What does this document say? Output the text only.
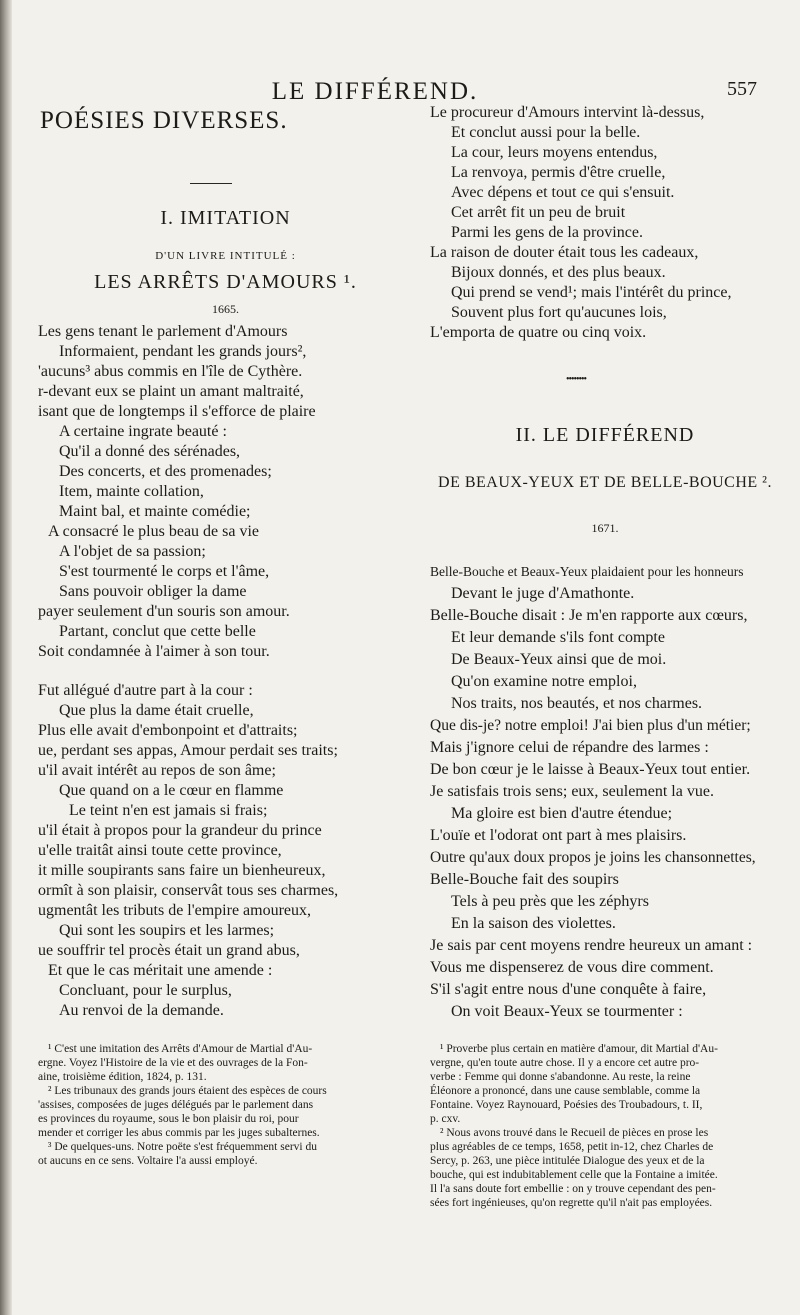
LE DIFFÉREND.	557
POÉSIES DIVERSES.
I. IMITATION
D'UN LIVRE INTITULÉ :
LES ARRÊTS D'AMOURS ¹.
1665.
Les gens tenant le parlement d'Amours
Informaient, pendant les grands jours²,
'aucuns³ abus commis en l'île de Cythère.
r-devant eux se plaint un amant maltraité,
isant que de longtemps il s'efforce de plaire
A certaine ingrate beauté :
Qu'il a donné des sérénades,
Des concerts, et des promenades;
Item, mainte collation,
Maint bal, et mainte comédie;
A consacré le plus beau de sa vie
A l'objet de sa passion;
S'est tourmenté le corps et l'âme,
Sans pouvoir obliger la dame
payer seulement d'un souris son amour.
Partant, conclut que cette belle
Soit condamnée à l'aimer à son tour.
Fut allégué d'autre part à la cour :
Que plus la dame était cruelle,
Plus elle avait d'embonpoint et d'attraits;
ue, perdant ses appas, Amour perdait ses traits;
u'il avait intérêt au repos de son âme;
Que quand on a le cœur en flamme
Le teint n'en est jamais si frais;
u'il était à propos pour la grandeur du prince
u'elle traitât ainsi toute cette province,
it mille soupirants sans faire un bienheureux,
ormît à son plaisir, conservât tous ses charmes,
ugmentât les tributs de l'empire amoureux,
Qui sont les soupirs et les larmes;
ue souffrir tel procès était un grand abus,
Et que le cas méritait une amende :
Concluant, pour le surplus,
Au renvoi de la demande.
¹ C'est une imitation des Arrêts d'Amour de Martial d'Au-
ergne. Voyez l'Histoire de la vie et des ouvrages de la Fon-
aine, troisième édition, 1824, p. 131.
² Les tribunaux des grands jours étaient des espèces de cours
'assises, composées de juges délégués par le parlement dans
es provinces du royaume, sous le bon plaisir du roi, pour
mender et corriger les abus commis par les juges subalternes.
³ De quelques-uns. Notre poëte s'est fréquemment servi du
ot aucuns en ce sens. Voltaire l'a aussi employé.
Le procureur d'Amours intervint là-dessus,
Et conclut aussi pour la belle.
La cour, leurs moyens entendus,
La renvoya, permis d'être cruelle,
Avec dépens et tout ce qui s'ensuit.
Cet arrêt fit un peu de bruit
Parmi les gens de la province.
La raison de douter était tous les cadeaux,
Bijoux donnés, et des plus beaux.
Qui prend se vend¹; mais l'intérêt du prince,
Souvent plus fort qu'aucunes lois,
L'emporta de quatre ou cinq voix.
••••••••
II. LE DIFFÉREND
DE BEAUX-YEUX ET DE BELLE-BOUCHE ².
1671.
Belle-Bouche et Beaux-Yeux plaidaient pour les honneurs
Devant le juge d'Amathonte.
Belle-Bouche disait : Je m'en rapporte aux cœurs,
Et leur demande s'ils font compte
De Beaux-Yeux ainsi que de moi.
Qu'on examine notre emploi,
Nos traits, nos beautés, et nos charmes.
Que dis-je? notre emploi! J'ai bien plus d'un métier;
Mais j'ignore celui de répandre des larmes :
De bon cœur je le laisse à Beaux-Yeux tout entier.
Je satisfais trois sens; eux, seulement la vue.
Ma gloire est bien d'autre étendue;
L'ouïe et l'odorat ont part à mes plaisirs.
Outre qu'aux doux propos je joins les chansonnettes,
Belle-Bouche fait des soupirs
Tels à peu près que les zéphyrs
En la saison des violettes.
Je sais par cent moyens rendre heureux un amant :
Vous me dispenserez de vous dire comment.
S'il s'agit entre nous d'une conquête à faire,
On voit Beaux-Yeux se tourmenter :
¹ Proverbe plus certain en matière d'amour, dit Martial d'Au-
vergne, qu'en toute autre chose. Il y a encore cet autre pro-
verbe : Femme qui donne s'abandonne. Au reste, la reine
Éléonore a prononcé, dans une cause semblable, comme la
Fontaine. Voyez Raynouard, Poésies des Troubadours, t. II,
p. cxv.
² Nous avons trouvé dans le Recueil de pièces en prose les
plus agréables de ce temps, 1658, petit in-12, chez Charles de
Sercy, p. 263, une pièce intitulée Dialogue des yeux et de la
bouche, qui est indubitablement celle que la Fontaine a imitée.
Il l'a sans doute fort embellie : on y trouve cependant des pen-
sées fort ingénieuses, qu'on regrette qu'il n'ait pas employées.
